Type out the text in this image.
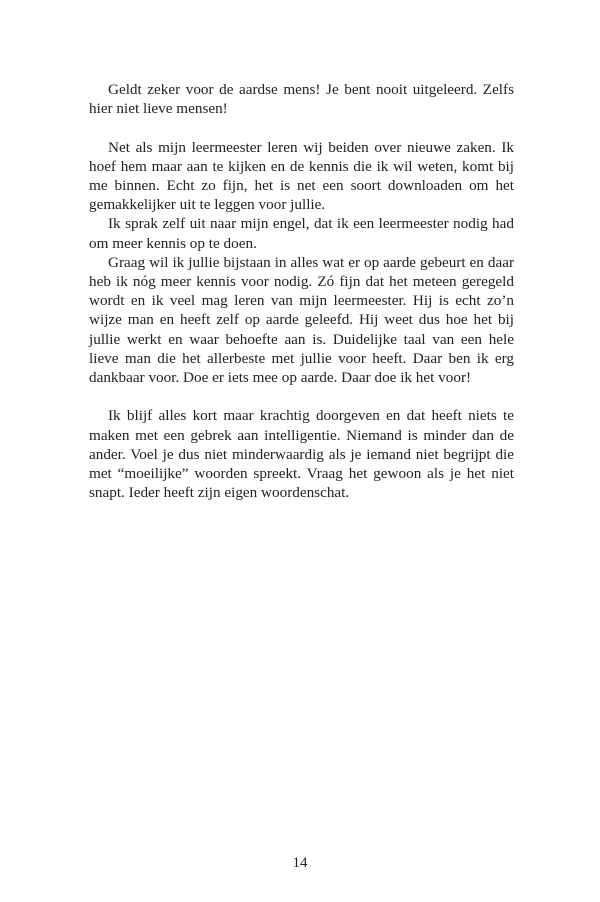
Geldt zeker voor de aardse mens! Je bent nooit uitgeleerd. Zelfs hier niet lieve mensen!

Net als mijn leermeester leren wij beiden over nieuwe zaken. Ik hoef hem maar aan te kijken en de kennis die ik wil weten, komt bij me binnen. Echt zo fijn, het is net een soort downloaden om het gemakkelijker uit te leggen voor jullie.

Ik sprak zelf uit naar mijn engel, dat ik een leermeester nodig had om meer kennis op te doen.

Graag wil ik jullie bijstaan in alles wat er op aarde gebeurt en daar heb ik nóg meer kennis voor nodig. Zó fijn dat het meteen geregeld wordt en ik veel mag leren van mijn leermeester. Hij is echt zo’n wijze man en heeft zelf op aarde geleefd. Hij weet dus hoe het bij jullie werkt en waar behoefte aan is. Duidelijke taal van een hele lieve man die het allerbeste met jullie voor heeft. Daar ben ik erg dankbaar voor. Doe er iets mee op aarde. Daar doe ik het voor!

Ik blijf alles kort maar krachtig doorgeven en dat heeft niets te maken met een gebrek aan intelligentie. Niemand is minder dan de ander. Voel je dus niet minderwaardig als je iemand niet begrijpt die met “moeilijke” woorden spreekt. Vraag het gewoon als je het niet snapt. Ieder heeft zijn eigen woordenschat.

14
